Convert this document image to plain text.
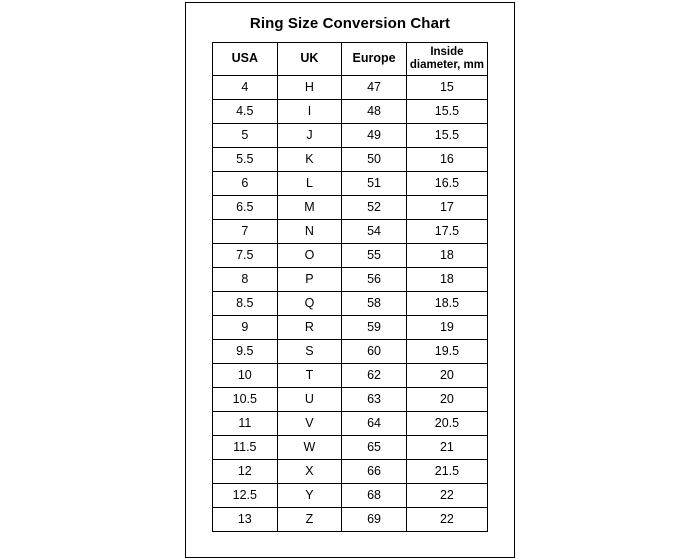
Ring Size Conversion Chart
USA	UK	Europe	Inside
diameter, mm
4	H	47	15
4.5	I	48	15.5
5	J	49	15.5
5.5	K	50	16
6	L	51	16.5
6.5	M	52	17
7	N	54	17.5
7.5	O	55	18
8	P	56	18
8.5	Q	58	18.5
9	R	59	19
9.5	S	60	19.5
10	T	62	20
10.5	U	63	20
11	V	64	20.5
11.5	W	65	21
12	X	66	21.5
12.5	Y	68	22
13	Z	69	22
